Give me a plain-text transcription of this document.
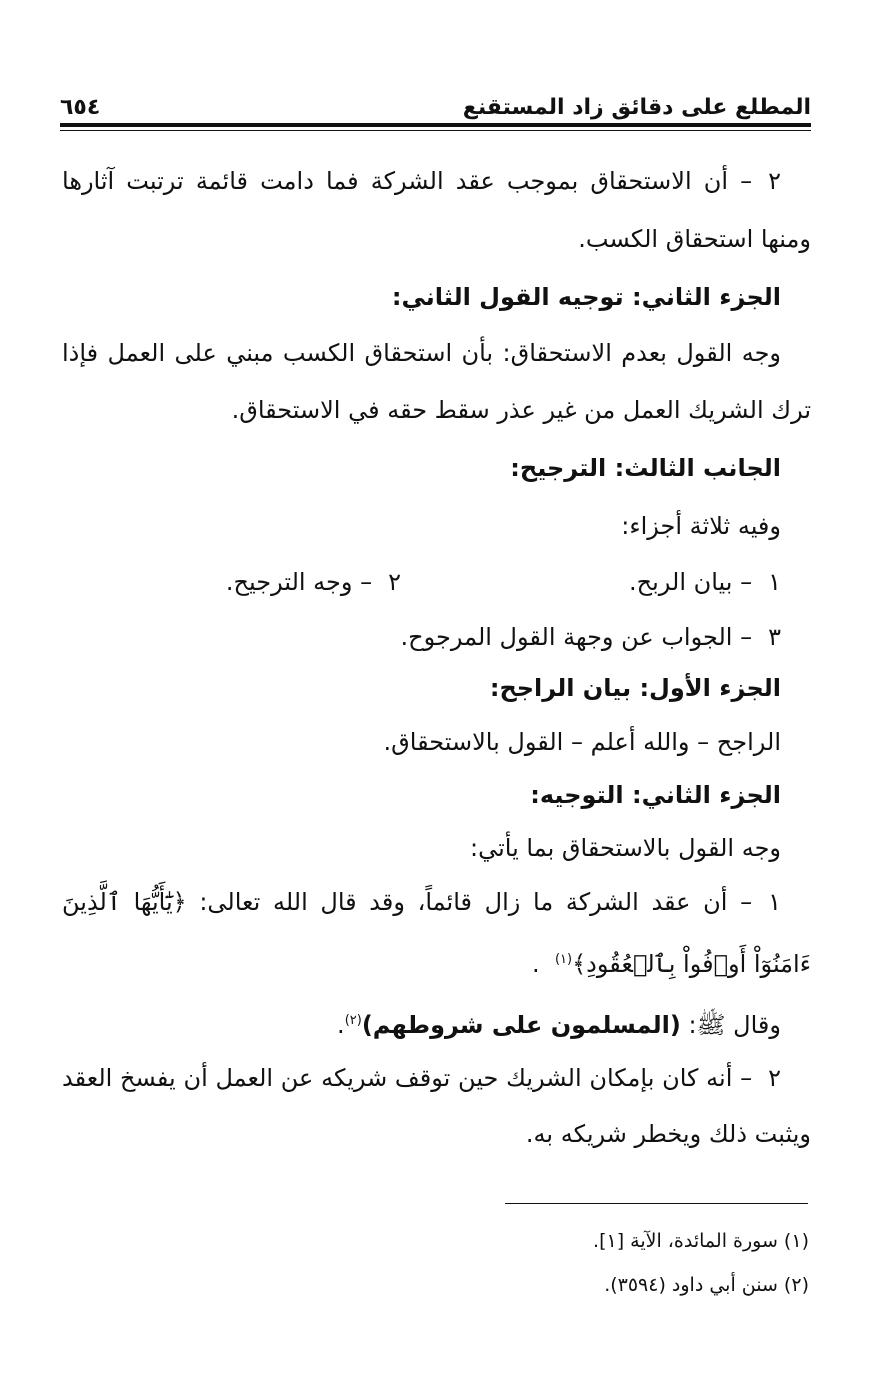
المطلع على دقائق زاد المستقنع
٦٥٤
٢– أن الاستحقاق بموجب عقد الشركة فما دامت قائمة ترتبت آثارها
ومنها استحقاق الكسب.
الجزء الثاني: توجيه القول الثاني:
وجه القول بعدم الاستحقاق: بأن استحقاق الكسب مبني على العمل فإذا
ترك الشريك العمل من غير عذر سقط حقه في الاستحقاق.
الجانب الثالث: الترجيح:
وفيه ثلاثة أجزاء:
١– بيان الربح.
٢– وجه الترجيح.
٣– الجواب عن وجهة القول المرجوح.
الجزء الأول: بيان الراجح:
الراجح – والله أعلم – القول بالاستحقاق.
الجزء الثاني: التوجيه:
وجه القول بالاستحقاق بما يأتي:
١– أن عقد الشركة ما زال قائماً، وقد قال الله تعالى: ﴿يَٰٓأَيُّهَا ٱلَّذِينَ
ءَامَنُوٓاْ أَوۡفُواْ بِٱلۡعُقُودِ﴾$^{(١)}$  .
وقال ﷺ: (المسلمون على شروطهم)$^{(٢)}$.
٢– أنه كان بإمكان الشريك حين توقف شريكه عن العمل أن يفسخ العقد
ويثبت ذلك ويخطر شريكه به.
(١) سورة المائدة، الآية [١].
(٢) سنن أبي داود (٣٥٩٤).
